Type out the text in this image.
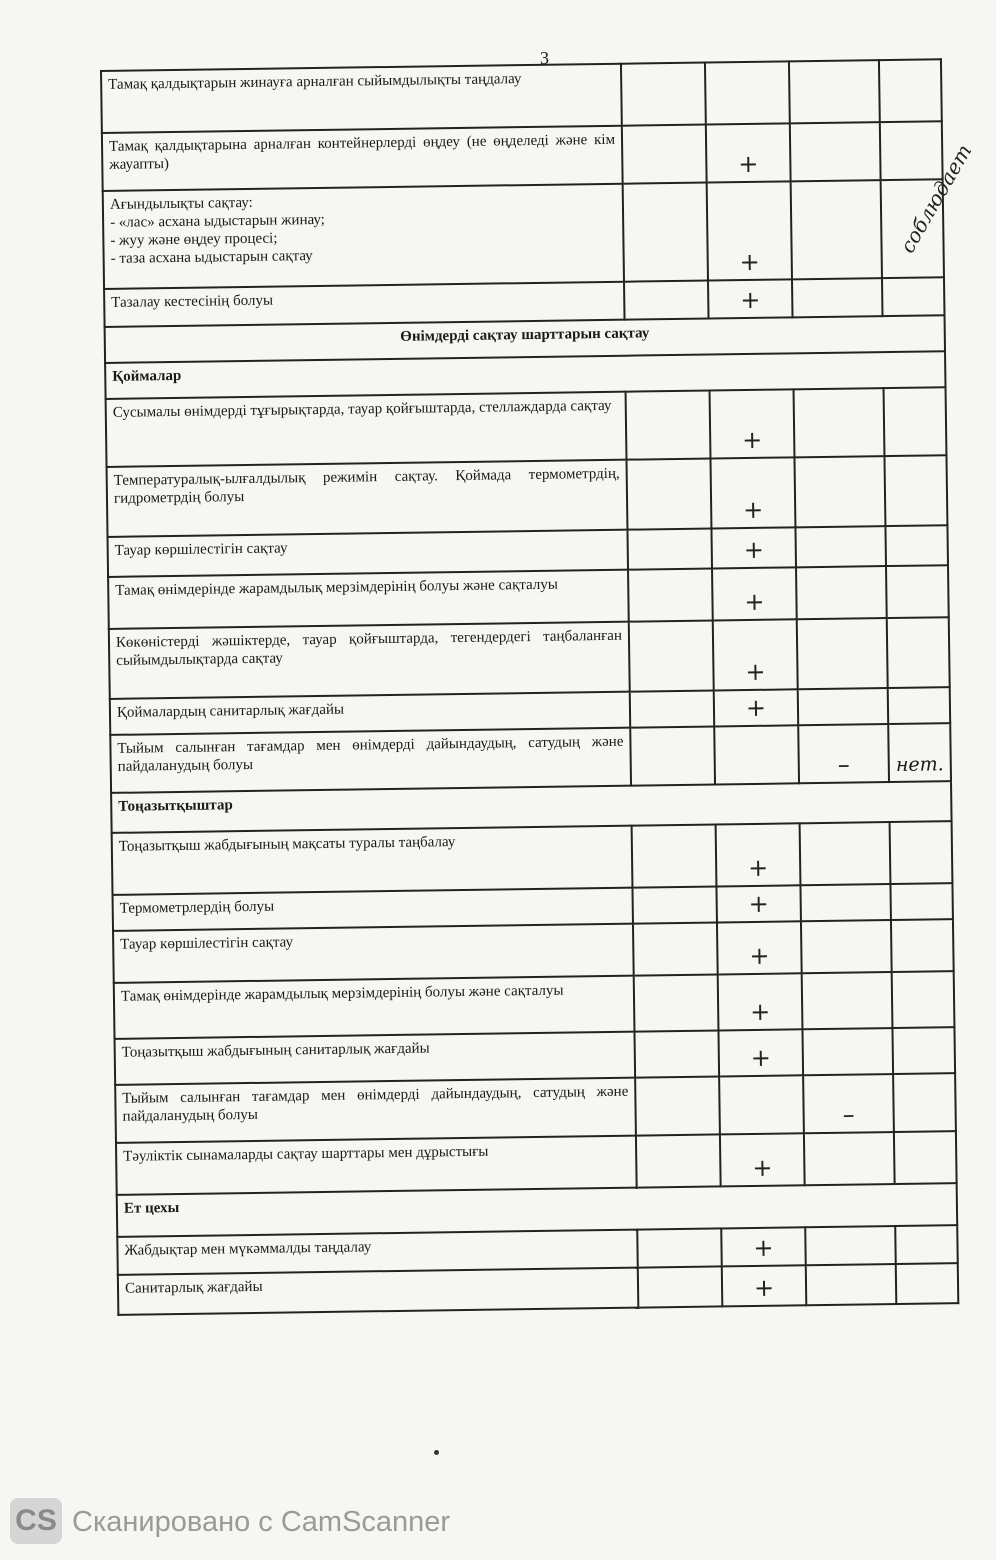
3
Тамақ қалдықтарын жинауға арналған сыйымдылықты таңдалау				
Тамақ қалдықтарына арналған контейнерлерді өңдеу (не өңделеді және кім жауапты)		+		
Ағындылықты сақтау:
- «лас» асхана ыдыстарын жинау;
- жуу және өңдеу процесі;
- таза асхана ыдыстарын сақтау		+		
Тазалау кестесінің болуы		+		
Өнімдерді сақтау шарттарын сақтау				
Қоймалар				
Сусымалы өнімдерді тұғырықтарда, тауар қойғыштарда, стеллаждарда сақтау		+		
Температуралық-ылғалдылық режимін сақтау. Қоймада термометрдің, гидрометрдің болуы		+		
Тауар көршілестігін сақтау		+		
Тамақ өнімдерінде жарамдылық мерзімдерінің болуы және сақталуы		+		
Көкөністерді жәшіктерде, тауар қойғыштарда, тегендердегі таңбаланған сыйымдылықтарда сақтау		+		
Қоймалардың санитарлық жағдайы		+		
Тыйым салынған тағамдар мен өнімдерді дайындаудың, сатудың және пайдаланудың болуы			–	нет.
Тоңазытқыштар				
Тоңазытқыш жабдығының мақсаты туралы таңбалау		+		
Термометрлердің болуы		+		
Тауар көршілестігін сақтау		+		
Тамақ өнімдерінде жарамдылық мерзімдерінің болуы және сақталуы		+		
Тоңазытқыш жабдығының санитарлық жағдайы		+		
Тыйым салынған тағамдар мен өнімдерді дайындаудың, сатудың және пайдаланудың болуы			–	
Тәуліктік сынамаларды сақтау шарттары мен дұрыстығы		+		
Ет цехы				
Жабдықтар мен мүкәммалды таңдалау		+		
Санитарлық жағдайы		+		
соблюдает
CS Сканировано с CamScanner
